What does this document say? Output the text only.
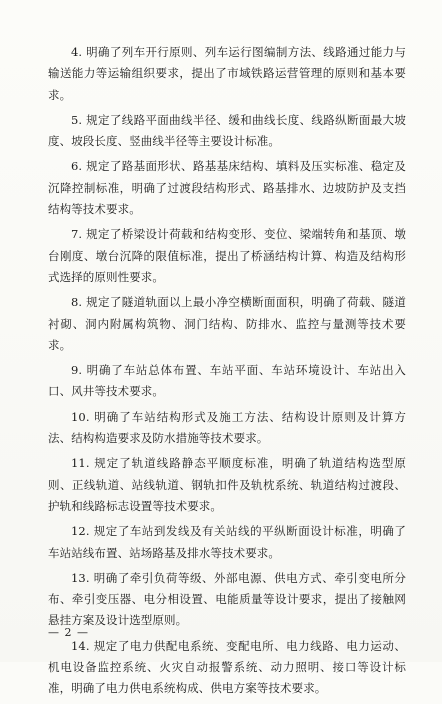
4. 明确了列车开行原则、列车运行图编制方法、线路通过能力与输送能力等运输组织要求，提出了市域铁路运营管理的原则和基本要求。

5. 规定了线路平面曲线半径、缓和曲线长度、线路纵断面最大坡度、坡段长度、竖曲线半径等主要设计标准。

6. 规定了路基面形状、路基基床结构、填料及压实标准、稳定及沉降控制标准，明确了过渡段结构形式、路基排水、边坡防护及支挡结构等技术要求。

7. 规定了桥梁设计荷载和结构变形、变位、梁端转角和基顶、墩台刚度、墩台沉降的限值标准，提出了桥涵结构计算、构造及结构形式选择的原则性要求。

8. 规定了隧道轨面以上最小净空横断面面积，明确了荷载、隧道衬砌、洞内附属构筑物、洞门结构、防排水、监控与量测等技术要求。

9. 明确了车站总体布置、车站平面、车站环境设计、车站出入口、风井等技术要求。

10. 明确了车站结构形式及施工方法、结构设计原则及计算方法、结构构造要求及防水措施等技术要求。

11. 规定了轨道线路静态平顺度标准，明确了轨道结构选型原则、正线轨道、站线轨道、钢轨扣件及轨枕系统、轨道结构过渡段、护轨和线路标志设置等技术要求。

12. 规定了车站到发线及有关站线的平纵断面设计标准，明确了车站站线布置、站场路基及排水等技术要求。

13. 明确了牵引负荷等级、外部电源、供电方式、牵引变电所分布、牵引变压器、电分相设置、电能质量等设计要求，提出了接触网悬挂方案及设计选型原则。

14. 规定了电力供配电系统、变配电所、电力线路、电力运动、机电设备监控系统、火灾自动报警系统、动力照明、接口等设计标准，明确了电力供电系统构成、供电方案等技术要求。

— 2 —
